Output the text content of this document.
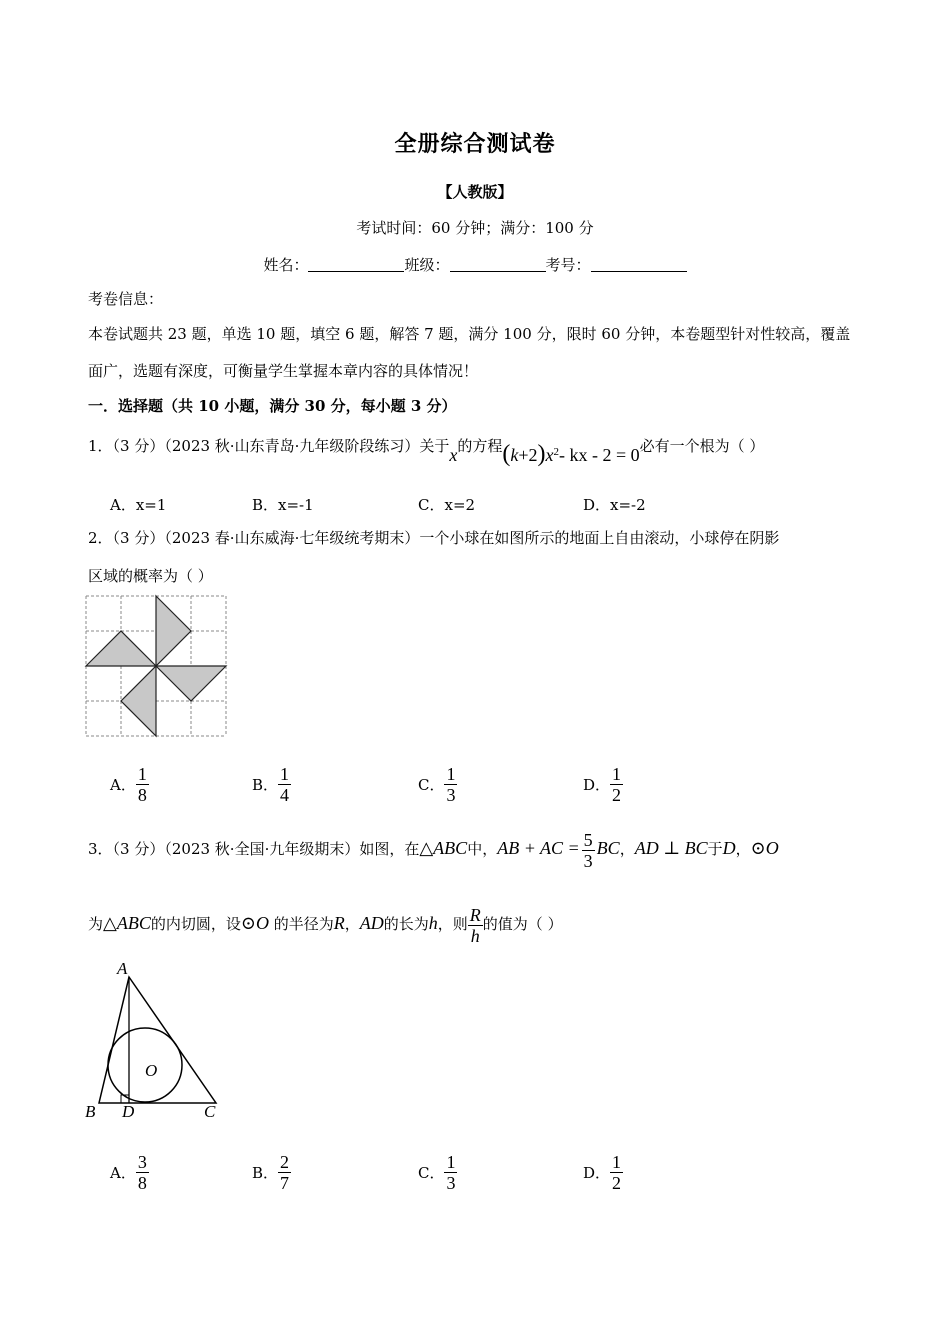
全册综合测试卷
【人教版】
考试时间：60 分钟；满分：100 分
姓名：	班级：	考号：
考卷信息：
本卷试题共 23 题，单选 10 题，填空 6 题，解答 7 题，满分 100 分，限时 60 分钟，本卷题型针对性较高，覆盖
面广，选题有深度，可衡量学生掌握本章内容的具体情况！
一．选择题（共 10 小题，满分 30 分，每小题 3 分）
1．（3 分）（2023 秋·山东青岛·九年级阶段练习）关于x的方程$(k+2)x^2-$ kx - 2 = 0必有一个根为（ ）
A．x=1	B．x=-1	C．x=2	D．x=-2
2．（3 分）（2023 春·山东威海·七年级统考期末）一个小球在如图所示的地面上自由滚动，小球停在阴影
区域的概率为（ ）
A． $\frac{1}{8}$	B． $\frac{1}{4}$	C． $\frac{1}{3}$	D． $\frac{1}{2}$
3．（3 分）（2023 秋·全国·九年级期末）如图，在△ABC中，AB + AC = $\frac{5}{3}$ BC，AD ⊥ BC于D，⊙O
为△ABC的内切圆，设⊙O 的半径为R，AD的长为h，则 $\frac{R}{h}$ 的值为（ ）
A
B D	C
O
A． $\frac{3}{8}$	B． $\frac{2}{7}$	C． $\frac{1}{3}$	D． $\frac{1}{2}$
